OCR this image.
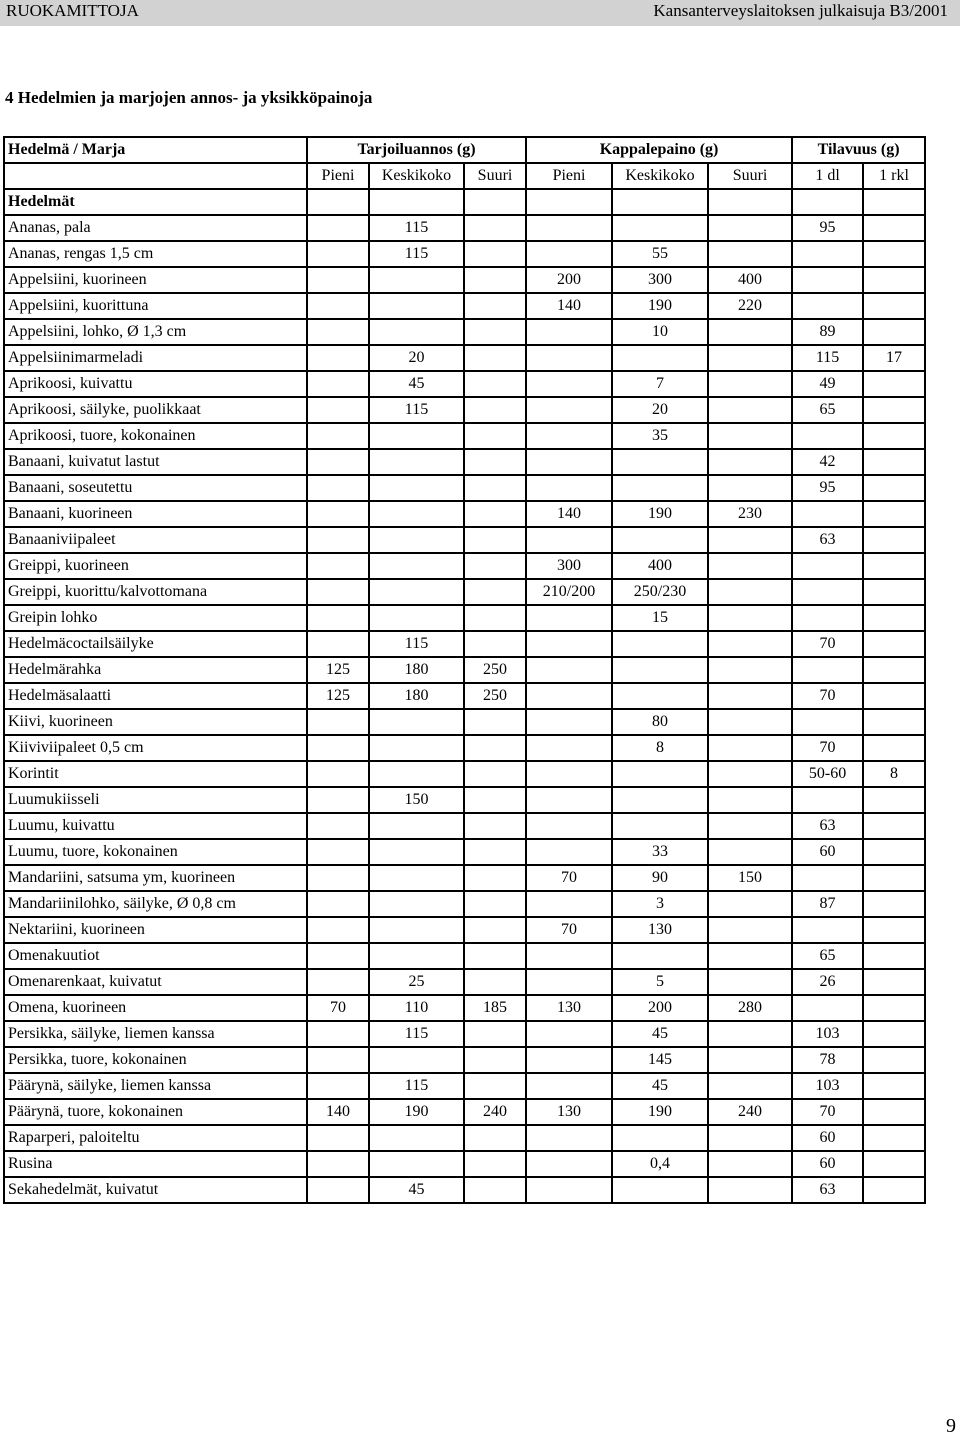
RUOKAMITTOJA	Kansanterveyslaitoksen julkaisuja B3/2001
4 Hedelmien ja marjojen annos- ja yksikköpainoja
Hedelmä / Marja	Tarjoiluannos (g)			Kappalepaino (g)			Tilavuus (g)	
	Pieni	Keskikoko	Suuri	Pieni	Keskikoko	Suuri	1 dl	1 rkl
Hedelmät								
Ananas, pala		115					95	
Ananas, rengas 1,5 cm		115			55			
Appelsiini, kuorineen				200	300	400		
Appelsiini, kuorittuna				140	190	220		
Appelsiini, lohko, Ø 1,3 cm					10		89	
Appelsiinimarmeladi		20					115	17
Aprikoosi, kuivattu		45			7		49	
Aprikoosi, säilyke, puolikkaat		115			20		65	
Aprikoosi, tuore, kokonainen					35			
Banaani, kuivatut lastut							42	
Banaani, soseutettu							95	
Banaani, kuorineen				140	190	230		
Banaaniviipaleet							63	
Greippi, kuorineen				300	400			
Greippi, kuorittu/kalvottomana				210/200	250/230			
Greipin lohko					15			
Hedelmäcoctailsäilyke		115					70	
Hedelmärahka	125	180	250					
Hedelmäsalaatti	125	180	250				70	
Kiivi, kuorineen					80			
Kiiviviipaleet 0,5 cm					8		70	
Korintit							50-60	8
Luumukiisseli		150						
Luumu, kuivattu							63	
Luumu, tuore, kokonainen					33		60	
Mandariini, satsuma ym, kuorineen				70	90	150		
Mandariinilohko, säilyke, Ø 0,8 cm					3		87	
Nektariini, kuorineen				70	130			
Omenakuutiot							65	
Omenarenkaat, kuivatut		25			5		26	
Omena, kuorineen	70	110	185	130	200	280		
Persikka, säilyke, liemen kanssa		115			45		103	
Persikka, tuore, kokonainen					145		78	
Päärynä, säilyke, liemen kanssa		115			45		103	
Päärynä, tuore, kokonainen	140	190	240	130	190	240	70	
Raparperi, paloiteltu							60	
Rusina					0,4		60	
Sekahedelmät, kuivatut		45					63	
9
